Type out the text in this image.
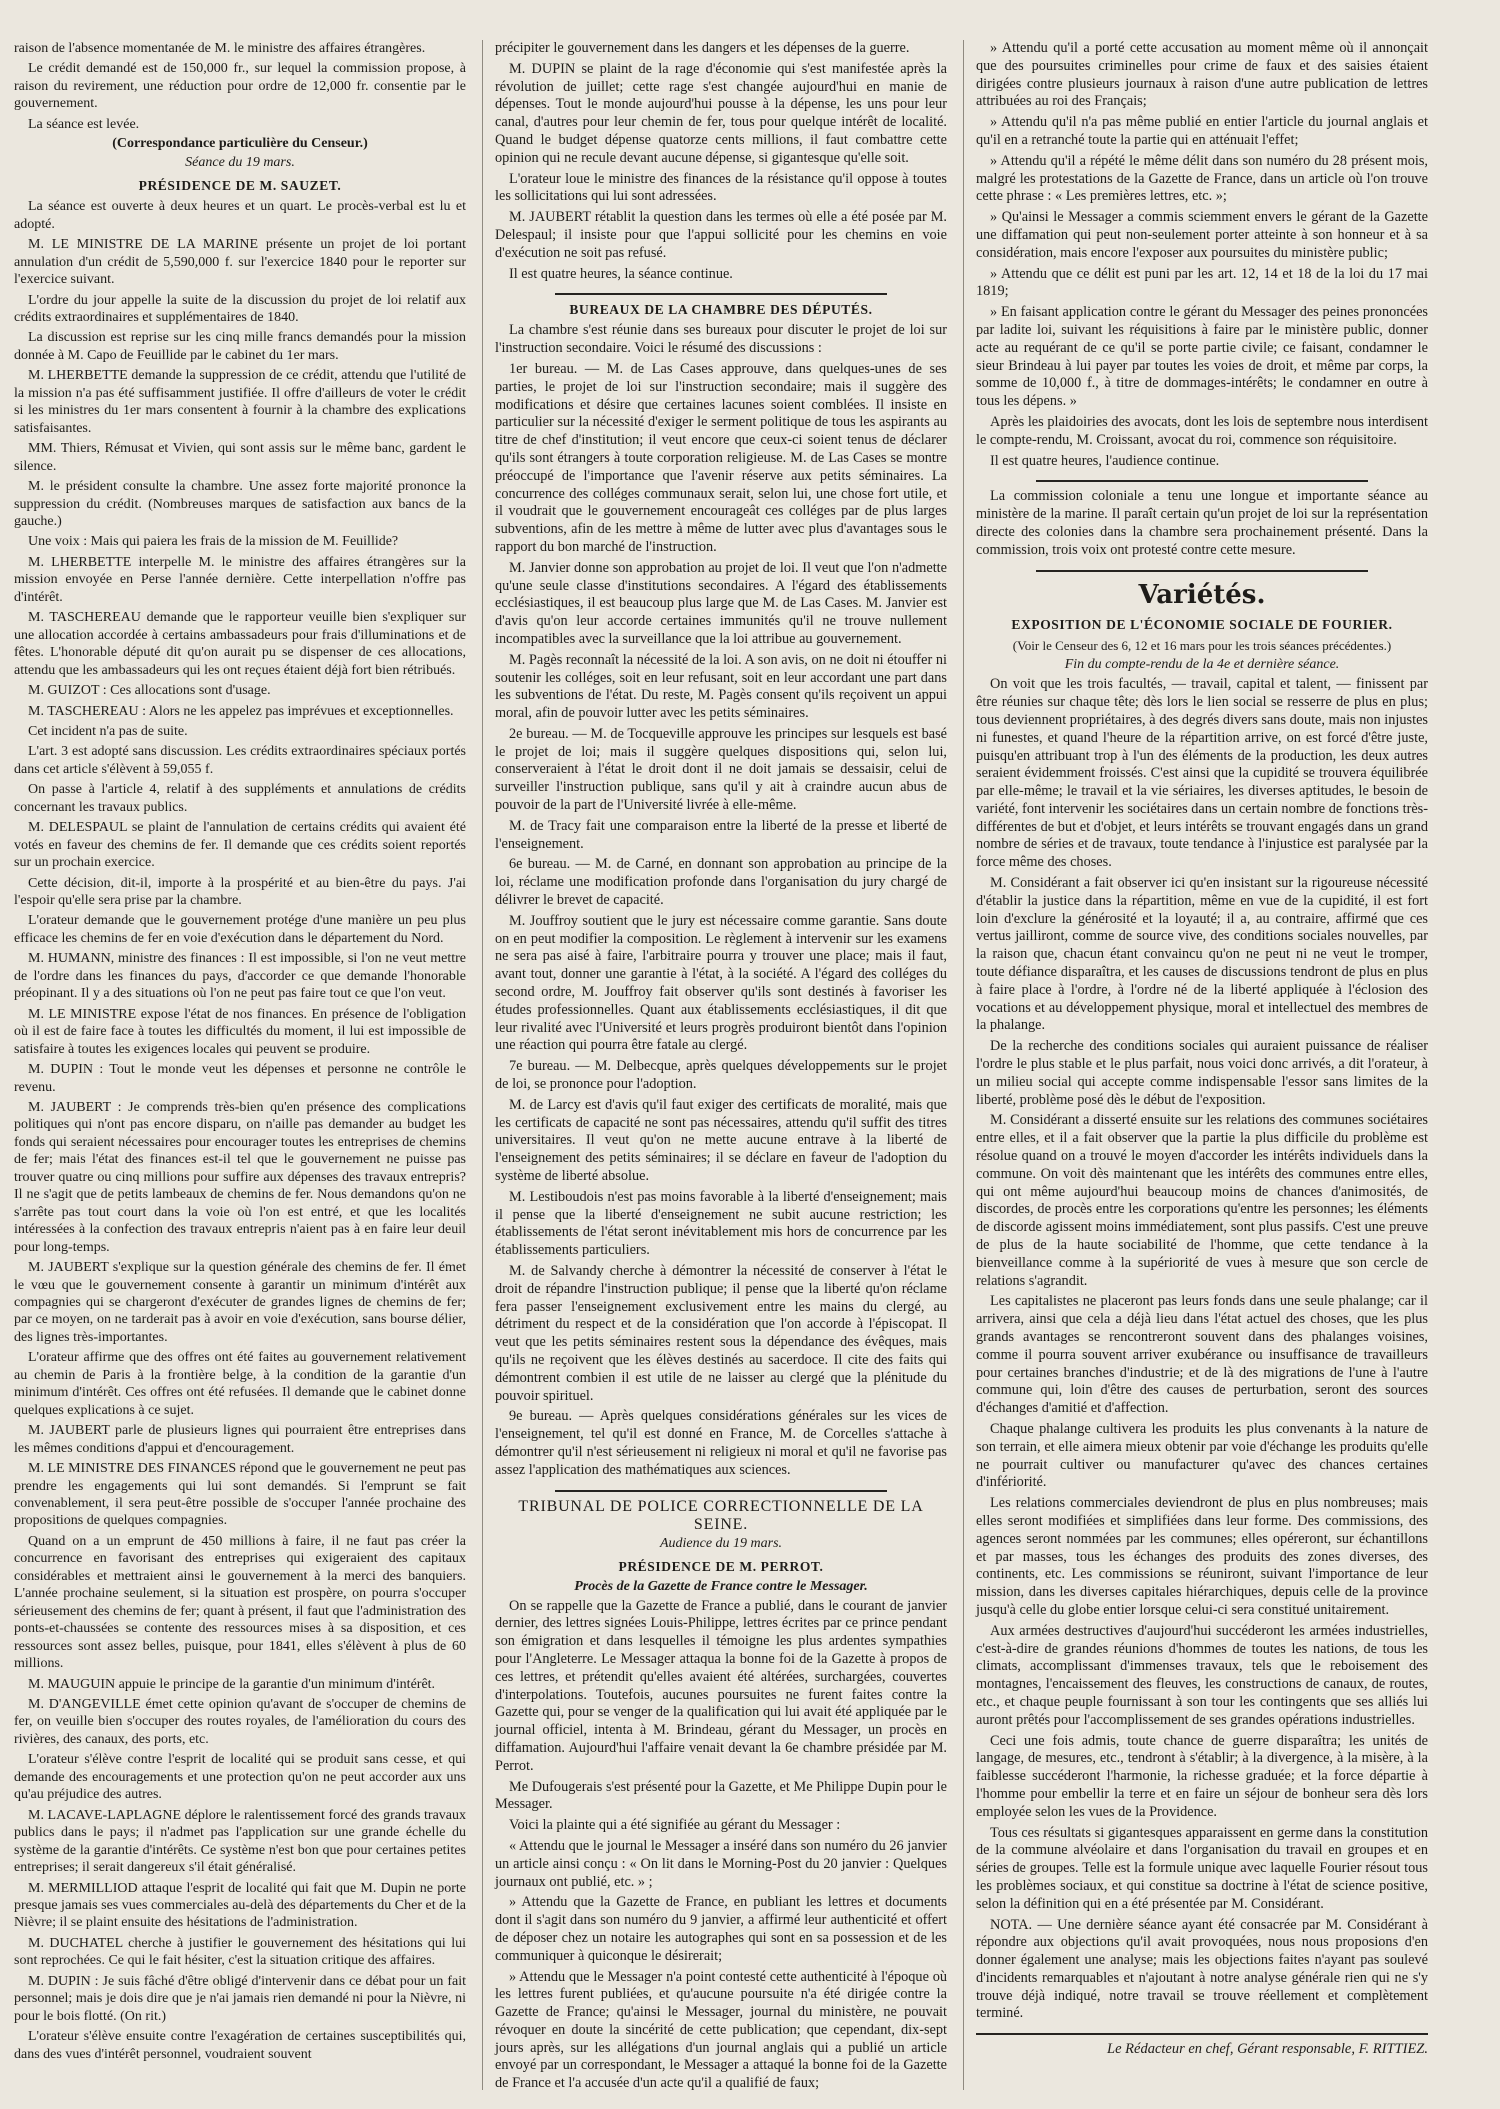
raison de l'absence momentanée de M. le ministre des affaires étrangères.

Le crédit demandé est de 150,000 fr., sur lequel la commission propose, à raison du revirement, une réduction pour ordre de 12,000 fr. consentie par le gouvernement.

La séance est levée.

(Correspondance particulière du Censeur.)
Séance du 19 mars.
PRÉSIDENCE DE M. SAUZET.

La séance est ouverte à deux heures et un quart. Le procès-verbal est lu et adopté.

M. LE MINISTRE DE LA MARINE présente un projet de loi portant annulation d'un crédit de 5,590,000 f. sur l'exercice 1840 pour le reporter sur l'exercice suivant.

L'ordre du jour appelle la suite de la discussion du projet de loi relatif aux crédits extraordinaires et supplémentaires de 1840.

La discussion est reprise sur les cinq mille francs demandés pour la mission donnée à M. Capo de Feuillide par le cabinet du 1er mars.

M. LHERBETTE demande la suppression de ce crédit, attendu que l'utilité de la mission n'a pas été suffisamment justifiée. Il offre d'ailleurs de voter le crédit si les ministres du 1er mars consentent à fournir à la chambre des explications satisfaisantes.

MM. Thiers, Rémusat et Vivien, qui sont assis sur le même banc, gardent le silence.

M. le président consulte la chambre. Une assez forte majorité prononce la suppression du crédit. (Nombreuses marques de satisfaction aux bancs de la gauche.)

Une voix : Mais qui paiera les frais de la mission de M. Feuillide?

M. LHERBETTE interpelle M. le ministre des affaires étrangères sur la mission envoyée en Perse l'année dernière. Cette interpellation n'offre pas d'intérêt.

M. TASCHEREAU demande que le rapporteur veuille bien s'expliquer sur une allocation accordée à certains ambassadeurs pour frais d'illuminations et de fêtes. L'honorable député dit qu'on aurait pu se dispenser de ces allocations, attendu que les ambassadeurs qui les ont reçues étaient déjà fort bien rétribués.

M. GUIZOT : Ces allocations sont d'usage.

M. TASCHEREAU : Alors ne les appelez pas imprévues et exceptionnelles.

Cet incident n'a pas de suite.

L'art. 3 est adopté sans discussion. Les crédits extraordinaires spéciaux portés dans cet article s'élèvent à 59,055 f.

On passe à l'article 4, relatif à des suppléments et annulations de crédits concernant les travaux publics.

M. DELESPAUL se plaint de l'annulation de certains crédits qui avaient été votés en faveur des chemins de fer. Il demande que ces crédits soient reportés sur un prochain exercice.

Cette décision, dit-il, importe à la prospérité et au bien-être du pays. J'ai l'espoir qu'elle sera prise par la chambre.

L'orateur demande que le gouvernement protége d'une manière un peu plus efficace les chemins de fer en voie d'exécution dans le département du Nord.

M. HUMANN, ministre des finances : Il est impossible, si l'on ne veut mettre de l'ordre dans les finances du pays, d'accorder ce que demande l'honorable préopinant. Il y a des situations où l'on ne peut pas faire tout ce que l'on veut.

M. LE MINISTRE expose l'état de nos finances. En présence de l'obligation où il est de faire face à toutes les difficultés du moment, il lui est impossible de satisfaire à toutes les exigences locales qui peuvent se produire.

M. DUPIN : Tout le monde veut les dépenses et personne ne contrôle le revenu.

M. JAUBERT : Je comprends très-bien qu'en présence des complications politiques qui n'ont pas encore disparu, on n'aille pas demander au budget les fonds qui seraient nécessaires pour encourager toutes les entreprises de chemins de fer; mais l'état des finances est-il tel que le gouvernement ne puisse pas trouver quatre ou cinq millions pour suffire aux dépenses des travaux entrepris? Il ne s'agit que de petits lambeaux de chemins de fer. Nous demandons qu'on ne s'arrête pas tout court dans la voie où l'on est entré, et que les localités intéressées à la confection des travaux entrepris n'aient pas à en faire leur deuil pour long-temps.

M. JAUBERT s'explique sur la question générale des chemins de fer. Il émet le vœu que le gouvernement consente à garantir un minimum d'intérêt aux compagnies qui se chargeront d'exécuter de grandes lignes de chemins de fer; par ce moyen, on ne tarderait pas à avoir en voie d'exécution, sans bourse délier, des lignes très-importantes.

L'orateur affirme que des offres ont été faites au gouvernement relativement au chemin de Paris à la frontière belge, à la condition de la garantie d'un minimum d'intérêt. Ces offres ont été refusées. Il demande que le cabinet donne quelques explications à ce sujet.

M. JAUBERT parle de plusieurs lignes qui pourraient être entreprises dans les mêmes conditions d'appui et d'encouragement.

M. LE MINISTRE DES FINANCES répond que le gouvernement ne peut pas prendre les engagements qui lui sont demandés. Si l'emprunt se fait convenablement, il sera peut-être possible de s'occuper l'année prochaine des propositions de quelques compagnies.

Quand on a un emprunt de 450 millions à faire, il ne faut pas créer la concurrence en favorisant des entreprises qui exigeraient des capitaux considérables et mettraient ainsi le gouvernement à la merci des banquiers. L'année prochaine seulement, si la situation est prospère, on pourra s'occuper sérieusement des chemins de fer; quant à présent, il faut que l'administration des ponts-et-chaussées se contente des ressources mises à sa disposition, et ces ressources sont assez belles, puisque, pour 1841, elles s'élèvent à plus de 60 millions.

M. MAUGUIN appuie le principe de la garantie d'un minimum d'intérêt.

M. D'ANGEVILLE émet cette opinion qu'avant de s'occuper de chemins de fer, on veuille bien s'occuper des routes royales, de l'amélioration du cours des rivières, des canaux, des ports, etc.

L'orateur s'élève contre l'esprit de localité qui se produit sans cesse, et qui demande des encouragements et une protection qu'on ne peut accorder aux uns qu'au préjudice des autres.

M. LACAVE-LAPLAGNE déplore le ralentissement forcé des grands travaux publics dans le pays; il n'admet pas l'application sur une grande échelle du système de la garantie d'intérêts. Ce système n'est bon que pour certaines petites entreprises; il serait dangereux s'il était généralisé.

M. MERMILLIOD attaque l'esprit de localité qui fait que M. Dupin ne porte presque jamais ses vues commerciales au-delà des départements du Cher et de la Nièvre; il se plaint ensuite des hésitations de l'administration.

M. DUCHATEL cherche à justifier le gouvernement des hésitations qui lui sont reprochées. Ce qui le fait hésiter, c'est la situation critique des affaires.

M. DUPIN : Je suis fâché d'être obligé d'intervenir dans ce débat pour un fait personnel; mais je dois dire que je n'ai jamais rien demandé ni pour la Nièvre, ni pour le bois flotté. (On rit.)

L'orateur s'élève ensuite contre l'exagération de certaines susceptibilités qui, dans des vues d'intérêt personnel, voudraient souvent

précipiter le gouvernement dans les dangers et les dépenses de la guerre.

M. DUPIN se plaint de la rage d'économie qui s'est manifestée après la révolution de juillet; cette rage s'est changée aujourd'hui en manie de dépenses. Tout le monde aujourd'hui pousse à la dépense, les uns pour leur canal, d'autres pour leur chemin de fer, tous pour quelque intérêt de localité. Quand le budget dépense quatorze cents millions, il faut combattre cette opinion qui ne recule devant aucune dépense, si gigantesque qu'elle soit.

L'orateur loue le ministre des finances de la résistance qu'il oppose à toutes les sollicitations qui lui sont adressées.

M. JAUBERT rétablit la question dans les termes où elle a été posée par M. Delespaul; il insiste pour que l'appui sollicité pour les chemins en voie d'exécution ne soit pas refusé.

Il est quatre heures, la séance continue.

BUREAUX DE LA CHAMBRE DES DÉPUTÉS.

La chambre s'est réunie dans ses bureaux pour discuter le projet de loi sur l'instruction secondaire. Voici le résumé des discussions :

1er bureau. — M. de Las Cases approuve, dans quelques-unes de ses parties, le projet de loi sur l'instruction secondaire; mais il suggère des modifications et désire que certaines lacunes soient comblées. Il insiste en particulier sur la nécessité d'exiger le serment politique de tous les aspirants au titre de chef d'institution; il veut encore que ceux-ci soient tenus de déclarer qu'ils sont étrangers à toute corporation religieuse. M. de Las Cases se montre préoccupé de l'importance que l'avenir réserve aux petits séminaires. La concurrence des colléges communaux serait, selon lui, une chose fort utile, et il voudrait que le gouvernement encourageât ces colléges par de plus larges subventions, afin de les mettre à même de lutter avec plus d'avantages sous le rapport du bon marché de l'instruction.

M. Janvier donne son approbation au projet de loi. Il veut que l'on n'admette qu'une seule classe d'institutions secondaires. A l'égard des établissements ecclésiastiques, il est beaucoup plus large que M. de Las Cases. M. Janvier est d'avis qu'on leur accorde certaines immunités qu'il ne trouve nullement incompatibles avec la surveillance que la loi attribue au gouvernement.

M. Pagès reconnaît la nécessité de la loi. A son avis, on ne doit ni étouffer ni soutenir les colléges, soit en leur refusant, soit en leur accordant une part dans les subventions de l'état. Du reste, M. Pagès consent qu'ils reçoivent un appui moral, afin de pouvoir lutter avec les petits séminaires.

2e bureau. — M. de Tocqueville approuve les principes sur lesquels est basé le projet de loi; mais il suggère quelques dispositions qui, selon lui, conserveraient à l'état le droit dont il ne doit jamais se dessaisir, celui de surveiller l'instruction publique, sans qu'il y ait à craindre aucun abus de pouvoir de la part de l'Université livrée à elle-même.

M. de Tracy fait une comparaison entre la liberté de la presse et liberté de l'enseignement.

6e bureau. — M. de Carné, en donnant son approbation au principe de la loi, réclame une modification profonde dans l'organisation du jury chargé de délivrer le brevet de capacité.

M. Jouffroy soutient que le jury est nécessaire comme garantie. Sans doute on en peut modifier la composition. Le règlement à intervenir sur les examens ne sera pas aisé à faire, l'arbitraire pourra y trouver une place; mais il faut, avant tout, donner une garantie à l'état, à la société. A l'égard des colléges du second ordre, M. Jouffroy fait observer qu'ils sont destinés à favoriser les études professionnelles. Quant aux établissements ecclésiastiques, il dit que leur rivalité avec l'Université et leurs progrès produiront bientôt dans l'opinion une réaction qui pourra être fatale au clergé.

7e bureau. — M. Delbecque, après quelques développements sur le projet de loi, se prononce pour l'adoption.

M. de Larcy est d'avis qu'il faut exiger des certificats de moralité, mais que les certificats de capacité ne sont pas nécessaires, attendu qu'il suffit des titres universitaires. Il veut qu'on ne mette aucune entrave à la liberté de l'enseignement des petits séminaires; il se déclare en faveur de l'adoption du système de liberté absolue.

M. Lestiboudois n'est pas moins favorable à la liberté d'enseignement; mais il pense que la liberté d'enseignement ne subit aucune restriction; les établissements de l'état seront inévitablement mis hors de concurrence par les établissements particuliers.

M. de Salvandy cherche à démontrer la nécessité de conserver à l'état le droit de répandre l'instruction publique; il pense que la liberté qu'on réclame fera passer l'enseignement exclusivement entre les mains du clergé, au détriment du respect et de la considération que l'on accorde à l'épiscopat. Il veut que les petits séminaires restent sous la dépendance des évêques, mais qu'ils ne reçoivent que les élèves destinés au sacerdoce. Il cite des faits qui démontrent combien il est utile de ne laisser au clergé que la plénitude du pouvoir spirituel.

9e bureau. — Après quelques considérations générales sur les vices de l'enseignement, tel qu'il est donné en France, M. de Corcelles s'attache à démontrer qu'il n'est sérieusement ni religieux ni moral et qu'il ne favorise pas assez l'application des mathématiques aux sciences.

TRIBUNAL DE POLICE CORRECTIONNELLE DE LA SEINE.
Audience du 19 mars.
PRÉSIDENCE DE M. PERROT.
Procès de la Gazette de France contre le Messager.

On se rappelle que la Gazette de France a publié, dans le courant de janvier dernier, des lettres signées Louis-Philippe, lettres écrites par ce prince pendant son émigration et dans lesquelles il témoigne les plus ardentes sympathies pour l'Angleterre. Le Messager attaqua la bonne foi de la Gazette à propos de ces lettres, et prétendit qu'elles avaient été altérées, surchargées, couvertes d'interpolations. Toutefois, aucunes poursuites ne furent faites contre la Gazette qui, pour se venger de la qualification qui lui avait été appliquée par le journal officiel, intenta à M. Brindeau, gérant du Messager, un procès en diffamation. Aujourd'hui l'affaire venait devant la 6e chambre présidée par M. Perrot.

Me Dufougerais s'est présenté pour la Gazette, et Me Philippe Dupin pour le Messager.

Voici la plainte qui a été signifiée au gérant du Messager :

« Attendu que le journal le Messager a inséré dans son numéro du 26 janvier un article ainsi conçu : « On lit dans le Morning-Post du 20 janvier : Quelques journaux ont publié, etc. » ;

» Attendu que la Gazette de France, en publiant les lettres et documents dont il s'agit dans son numéro du 9 janvier, a affirmé leur authenticité et offert de déposer chez un notaire les autographes qui sont en sa possession et de les communiquer à quiconque le désirerait;

» Attendu que le Messager n'a point contesté cette authenticité à l'époque où les lettres furent publiées, et qu'aucune poursuite n'a été dirigée contre la Gazette de France; qu'ainsi le Messager, journal du ministère, ne pouvait révoquer en doute la sincérité de cette publication; que cependant, dix-sept jours après, sur les allégations d'un journal anglais qui a publié un article envoyé par un correspondant, le Messager a attaqué la bonne foi de la Gazette de France et l'a accusée d'un acte qu'il a qualifié de faux;

» Attendu qu'il a porté cette accusation au moment même où il annonçait que des poursuites criminelles pour crime de faux et des saisies étaient dirigées contre plusieurs journaux à raison d'une autre publication de lettres attribuées au roi des Français;

» Attendu qu'il n'a pas même publié en entier l'article du journal anglais et qu'il en a retranché toute la partie qui en atténuait l'effet;

» Attendu qu'il a répété le même délit dans son numéro du 28 présent mois, malgré les protestations de la Gazette de France, dans un article où l'on trouve cette phrase : « Les premières lettres, etc. »;

» Qu'ainsi le Messager a commis sciemment envers le gérant de la Gazette une diffamation qui peut non-seulement porter atteinte à son honneur et à sa considération, mais encore l'exposer aux poursuites du ministère public;

» Attendu que ce délit est puni par les art. 12, 14 et 18 de la loi du 17 mai 1819;

» En faisant application contre le gérant du Messager des peines prononcées par ladite loi, suivant les réquisitions à faire par le ministère public, donner acte au requérant de ce qu'il se porte partie civile; ce faisant, condamner le sieur Brindeau à lui payer par toutes les voies de droit, et même par corps, la somme de 10,000 f., à titre de dommages-intérêts; le condamner en outre à tous les dépens. »

Après les plaidoiries des avocats, dont les lois de septembre nous interdisent le compte-rendu, M. Croissant, avocat du roi, commence son réquisitoire.

Il est quatre heures, l'audience continue.

La commission coloniale a tenu une longue et importante séance au ministère de la marine. Il paraît certain qu'un projet de loi sur la représentation directe des colonies dans la chambre sera prochainement présenté. Dans la commission, trois voix ont protesté contre cette mesure.

Variétés.
EXPOSITION DE L'ÉCONOMIE SOCIALE DE FOURIER.

(Voir le Censeur des 6, 12 et 16 mars pour les trois séances précédentes.)

Fin du compte-rendu de la 4e et dernière séance.

On voit que les trois facultés, — travail, capital et talent, — finissent par être réunies sur chaque tête; dès lors le lien social se resserre de plus en plus; tous deviennent propriétaires, à des degrés divers sans doute, mais non injustes ni funestes, et quand l'heure de la répartition arrive, on est forcé d'être juste, puisqu'en attribuant trop à l'un des éléments de la production, les deux autres seraient évidemment froissés. C'est ainsi que la cupidité se trouvera équilibrée par elle-même; le travail et la vie sériaires, les diverses aptitudes, le besoin de variété, font intervenir les sociétaires dans un certain nombre de fonctions très-différentes de but et d'objet, et leurs intérêts se trouvant engagés dans un grand nombre de séries et de travaux, toute tendance à l'injustice est paralysée par la force même des choses.

M. Considérant a fait observer ici qu'en insistant sur la rigoureuse nécessité d'établir la justice dans la répartition, même en vue de la cupidité, il est fort loin d'exclure la générosité et la loyauté; il a, au contraire, affirmé que ces vertus jailliront, comme de source vive, des conditions sociales nouvelles, par la raison que, chacun étant convaincu qu'on ne peut ni ne veut le tromper, toute défiance disparaîtra, et les causes de discussions tendront de plus en plus à faire place à l'ordre, à l'ordre né de la liberté appliquée à l'éclosion des vocations et au développement physique, moral et intellectuel des membres de la phalange.

De la recherche des conditions sociales qui auraient puissance de réaliser l'ordre le plus stable et le plus parfait, nous voici donc arrivés, a dit l'orateur, à un milieu social qui accepte comme indispensable l'essor sans limites de la liberté, problème posé dès le début de l'exposition.

M. Considérant a disserté ensuite sur les relations des communes sociétaires entre elles, et il a fait observer que la partie la plus difficile du problème est résolue quand on a trouvé le moyen d'accorder les intérêts individuels dans la commune. On voit dès maintenant que les intérêts des communes entre elles, qui ont même aujourd'hui beaucoup moins de chances d'animosités, de discordes, de procès entre les corporations qu'entre les personnes; les éléments de discorde agissent moins immédiatement, sont plus passifs. C'est une preuve de plus de la haute sociabilité de l'homme, que cette tendance à la bienveillance comme à la supériorité de vues à mesure que son cercle de relations s'agrandit.

Les capitalistes ne placeront pas leurs fonds dans une seule phalange; car il arrivera, ainsi que cela a déjà lieu dans l'état actuel des choses, que les plus grands avantages se rencontreront souvent dans des phalanges voisines, comme il pourra souvent arriver exubérance ou insuffisance de travailleurs pour certaines branches d'industrie; et de là des migrations de l'une à l'autre commune qui, loin d'être des causes de perturbation, seront des sources d'échanges d'amitié et d'affection.

Chaque phalange cultivera les produits les plus convenants à la nature de son terrain, et elle aimera mieux obtenir par voie d'échange les produits qu'elle ne pourrait cultiver ou manufacturer qu'avec des chances certaines d'infériorité.

Les relations commerciales deviendront de plus en plus nombreuses; mais elles seront modifiées et simplifiées dans leur forme. Des commissions, des agences seront nommées par les communes; elles opéreront, sur échantillons et par masses, tous les échanges des produits des zones diverses, des continents, etc. Les commissions se réuniront, suivant l'importance de leur mission, dans les diverses capitales hiérarchiques, depuis celle de la province jusqu'à celle du globe entier lorsque celui-ci sera constitué unitairement.

Aux armées destructives d'aujourd'hui succéderont les armées industrielles, c'est-à-dire de grandes réunions d'hommes de toutes les nations, de tous les climats, accomplissant d'immenses travaux, tels que le reboisement des montagnes, l'encaissement des fleuves, les constructions de canaux, de routes, etc., et chaque peuple fournissant à son tour les contingents que ses alliés lui auront prêtés pour l'accomplissement de ses grandes opérations industrielles.

Ceci une fois admis, toute chance de guerre disparaîtra; les unités de langage, de mesures, etc., tendront à s'établir; à la divergence, à la misère, à la faiblesse succéderont l'harmonie, la richesse graduée; et la force départie à l'homme pour embellir la terre et en faire un séjour de bonheur sera dès lors employée selon les vues de la Providence.

Tous ces résultats si gigantesques apparaissent en germe dans la constitution de la commune alvéolaire et dans l'organisation du travail en groupes et en séries de groupes. Telle est la formule unique avec laquelle Fourier résout tous les problèmes sociaux, et qui constitue sa doctrine à l'état de science positive, selon la définition qui en a été présentée par M. Considérant.

NOTA. — Une dernière séance ayant été consacrée par M. Considérant à répondre aux objections qu'il avait provoquées, nous nous proposions d'en donner également une analyse; mais les objections faites n'ayant pas soulevé d'incidents remarquables et n'ajoutant à notre analyse générale rien qui ne s'y trouve déjà indiqué, notre travail se trouve réellement et complètement terminé.

Le Rédacteur en chef, Gérant responsable, F. RITTIEZ.
